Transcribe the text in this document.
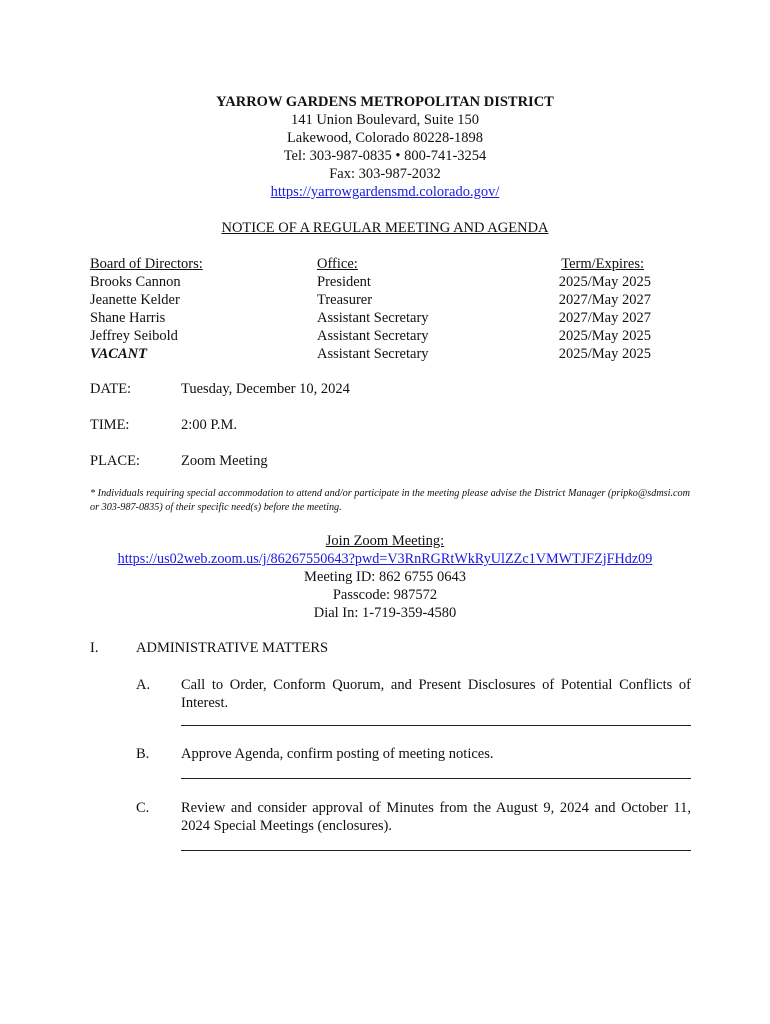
YARROW GARDENS METROPOLITAN DISTRICT
141 Union Boulevard, Suite 150
Lakewood, Colorado 80228-1898
Tel: 303-987-0835 • 800-741-3254
Fax: 303-987-2032
https://yarrowgardensmd.colorado.gov/
NOTICE OF A REGULAR MEETING AND AGENDA
Board of Directors:	Office:	Term/Expires:
Brooks Cannon	President	2025/May 2025
Jeanette Kelder	Treasurer	2027/May 2027
Shane Harris	Assistant Secretary	2027/May 2027
Jeffrey Seibold	Assistant Secretary	2025/May 2025
VACANT	Assistant Secretary	2025/May 2025
DATE:	Tuesday, December 10, 2024
TIME:	2:00 P.M.
PLACE:	Zoom Meeting
* Individuals requiring special accommodation to attend and/or participate in the meeting please advise the District Manager (pripko@sdmsi.com or 303-987-0835) of their specific need(s) before the meeting.
Join Zoom Meeting:
https://us02web.zoom.us/j/86267550643?pwd=V3RnRGRtWkRyUlZZc1VMWTJFZjFHdz09
Meeting ID: 862 6755 0643
Passcode: 987572
Dial In: 1-719-359-4580
I.	ADMINISTRATIVE MATTERS
A. Call to Order, Conform Quorum, and Present Disclosures of Potential Conflicts of Interest.
B. Approve Agenda, confirm posting of meeting notices.
C. Review and consider approval of Minutes from the August 9, 2024 and October 11, 2024 Special Meetings (enclosures).
